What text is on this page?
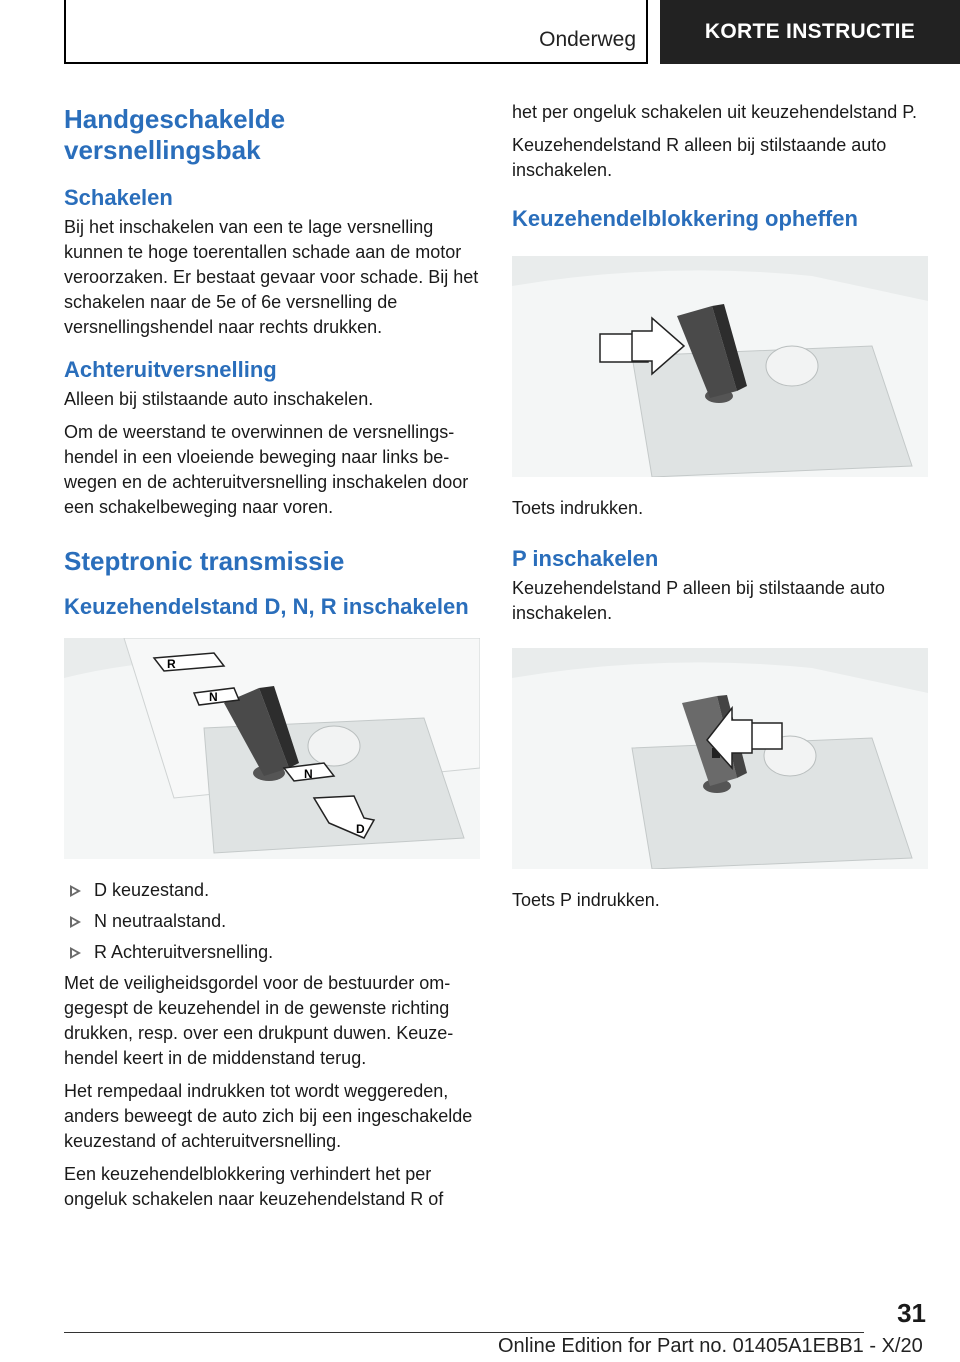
Onderweg	KORTE INSTRUCTIE
Handgeschakelde versnellingsbak
Schakelen

Bij het inschakelen van een te lage versnelling kunnen te hoge toerentallen schade aan de motor veroorzaken. Er bestaat gevaar voor schade. Bij het schakelen naar de 5e of 6e versnelling de versnellingshendel naar rechts drukken.

Achteruitversnelling

Alleen bij stilstaande auto inschakelen.

Om de weerstand te overwinnen de versnellingshendel in een vloeiende beweging naar links bewegen en de achteruitversnelling inschakelen door een schakelbeweging naar voren.

Steptronic transmissie
Keuzehendelstand D, N, R inschakelen
R
N
N
D
D keuzestand.
N neutraalstand.
R Achteruitversnelling.

Met de veiligheidsgordel voor de bestuurder omgegespt de keuzehendel in de gewenste richting drukken, resp. over een drukpunt duwen. Keuzehendel keert in de middenstand terug.

Het rempedaal indrukken tot wordt weggereden, anders beweegt de auto zich bij een ingeschakelde keuzestand of achteruitversnelling.

Een keuzehendelblokkering verhindert het per ongeluk schakelen naar keuzehendelstand R of

het per ongeluk schakelen uit keuzehendelstand P.

Keuzehendelstand R alleen bij stilstaande auto inschakelen.

Keuzehendelblokkering opheffen

Toets indrukken.

P inschakelen

Keuzehendelstand P alleen bij stilstaande auto inschakelen.

Toets P indrukken.

31
Online Edition for Part no. 01405A1EBB1 - X/20
